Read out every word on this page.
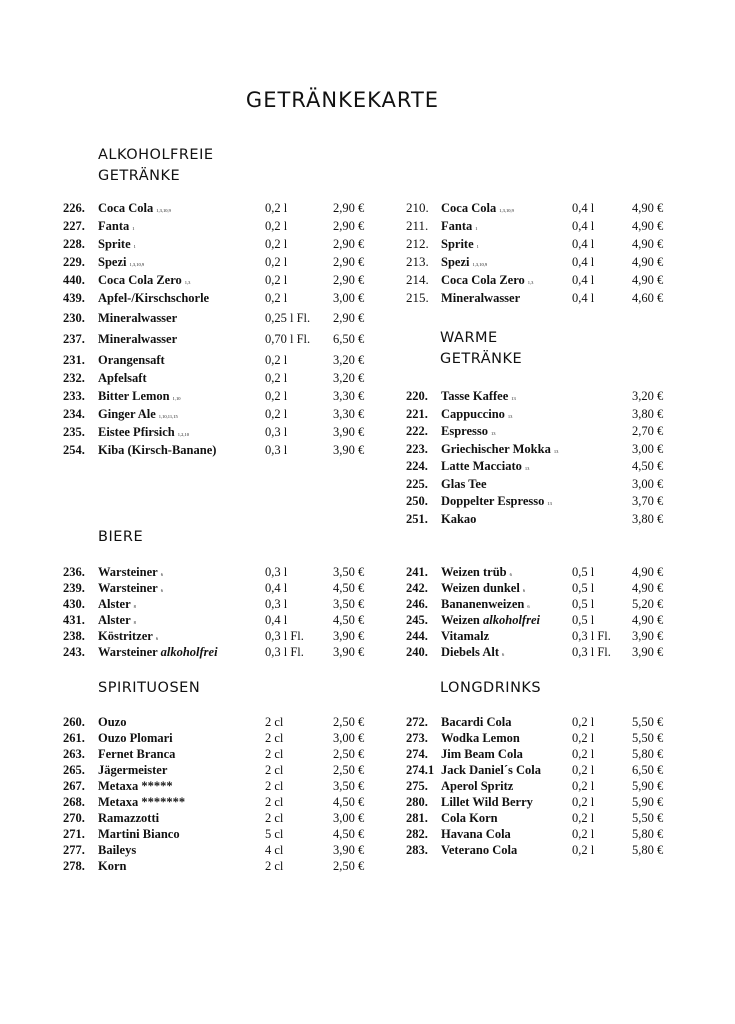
GETRÄNKEKARTE
ALKOHOLFREIE
GETRÄNKE
226. Coca Cola 1,3,10,9	0,2 l	2,90 €
227. Fanta 1	0,2 l	2,90 €
228. Sprite 1	0,2 l	2,90 €
229. Spezi 1,3,10,9	0,2 l	2,90 €
440. Coca Cola Zero 1,3	0,2 l	2,90 €
439. Apfel-/Kirschschorle	0,2 l	3,00 €
230. Mineralwasser	0,25 l Fl. 2,90 €
237. Mineralwasser	0,70 l Fl. 6,50 €
231. Orangensaft	0,2 l	3,20 €
232. Apfelsaft	0,2 l	3,20 €
233. Bitter Lemon 1,10	0,2 l	3,30 €
234. Ginger Ale 1,10,11,15	0,2 l	3,30 €
235. Eistee Pfirsich 1,2,10	0,3 l	3,90 €
254. Kiba (Kirsch-Banane)	0,3 l	3,90 €
210. Coca Cola 1,3,10,9	0,4 l	4,90 €
211. Fanta 1	0,4 l	4,90 €
212. Sprite 1	0,4 l	4,90 €
213. Spezi 1,3,10,9	0,4 l	4,90 €
214. Coca Cola Zero 1,3	0,4 l	4,90 €
215. Mineralwasser	0,4 l	4,60 €
WARME
GETRÄNKE
220. Tasse Kaffee 13	3,20 €
221. Cappuccino 13	3,80 €
222. Espresso 13	2,70 €
223. Griechischer Mokka 13	3,00 €
224. Latte Macciato 13	4,50 €
225. Glas Tee	3,00 €
250. Doppelter Espresso 13	3,70 €
251. Kakao	3,80 €
BIERE
236. Warsteiner 6	0,3 l	3,50 €
239. Warsteiner 6	0,4 l	4,50 €
430. Alster 8	0,3 l	3,50 €
431. Alster 8	0,4 l	4,50 €
238. Köstritzer 6	0,3 l Fl. 3,90 €
243. Warsteiner alkoholfrei	0,3 l Fl. 3,90 €
241. Weizen trüb 6	0,5 l	4,90 €
242. Weizen dunkel 6	0,5 l	4,90 €
246. Bananenweizen 6	0,5 l	5,20 €
245. Weizen alkoholfrei	0,5 l	4,90 €
244. Vitamalz	0,3 l Fl. 3,90 €
240. Diebels Alt 6	0,3 l Fl. 3,90 €
SPIRITUOSEN
260. Ouzo	2 cl	2,50 €
261. Ouzo Plomari	2 cl	3,00 €
263. Fernet Branca	2 cl	2,50 €
265. Jägermeister	2 cl	2,50 €
267. Metaxa *****	2 cl	3,50 €
268. Metaxa *******	2 cl	4,50 €
270. Ramazzotti	2 cl	3,00 €
271. Martini Bianco	5 cl	4,50 €
277. Baileys	4 cl	3,90 €
278. Korn	2 cl	2,50 €
LONGDRINKS
272. Bacardi Cola	0,2 l	5,50 €
273. Wodka Lemon	0,2 l	5,50 €
274. Jim Beam Cola	0,2 l	5,80 €
274.1 Jack Daniel´s Cola 0,2 l	6,50 €
275. Aperol Spritz	0,2 l	5,90 €
280. Lillet Wild Berry	0,2 l	5,90 €
281. Cola Korn	0,2 l	5,50 €
282. Havana Cola	0,2 l	5,80 €
283. Veterano Cola	0,2 l	5,80 €
